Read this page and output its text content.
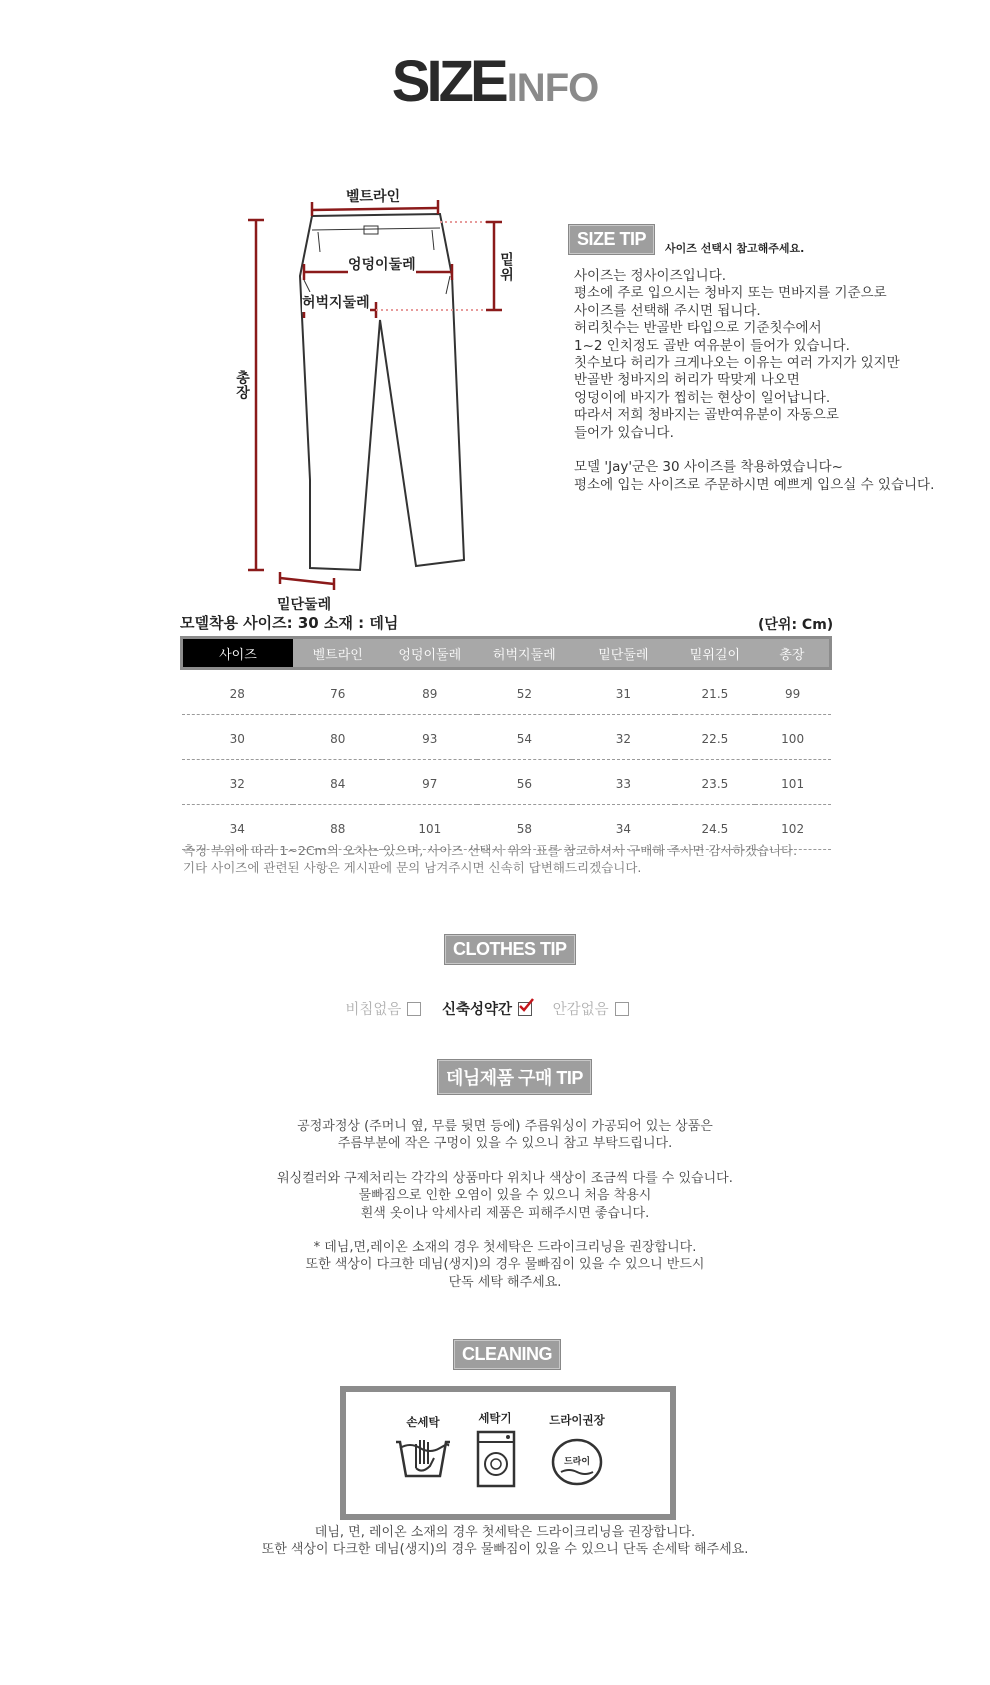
SIZEINFO
벨트라인
엉덩이둘레
허벅지둘레
밑위
총장
밑단둘레
SIZE TIP	사이즈 선택시 참고해주세요.

사이즈는 정사이즈입니다.

평소에 주로 입으시는 청바지 또는 면바지를 기준으로

사이즈를 선택해 주시면 됩니다.

허리칫수는 반골반 타입으로 기준칫수에서

1~2 인치정도 골반 여유분이 들어가 있습니다.

칫수보다 허리가 크게나오는 이유는 여러 가지가 있지만

반골반 청바지의 허리가 딱맞게 나오면

엉덩이에 바지가 찝히는 현상이 일어납니다.

따라서 저희 청바지는 골반여유분이 자동으로

들어가 있습니다.

모델 'Jay'군은 30 사이즈를 착용하였습니다~

평소에 입는 사이즈로 주문하시면 예쁘게 입으실 수 있습니다.

모델착용 사이즈: 30 소재 : 데님	(단위: Cm)
사이즈	벨트라인	엉덩이둘레	허벅지둘레	밑단둘레	밑위길이	총장
28	76	89	52	31	21.5	99
30	80	93	54	32	22.5	100
32	84	97	56	33	23.5	101
34	88	101	58	34	24.5	102

측정 부위에 따라 1~2Cm의 오차는 있으며, 사이즈 선택시 위의 표를 참고하셔서 구매해 주시면 감사하겠습니다.

기타 사이즈에 관련된 사항은 게시판에 문의 남겨주시면 신속히 답변해드리겠습니다.

CLOTHES TIP
비침없음	신축성약간	안감없음
데님제품 구매 TIP

공정과정상 (주머니 옆, 무릎 뒷면 등에) 주름워싱이 가공되어 있는 상품은

주름부분에 작은 구멍이 있을 수 있으니 참고 부탁드립니다.

워싱컬러와 구제처리는 각각의 상품마다 위치나 색상이 조금씩 다를 수 있습니다.

물빠짐으로 인한 오염이 있을 수 있으니 처음 착용시

흰색 옷이나 악세사리 제품은 피해주시면 좋습니다.

* 데님,면,레이온 소재의 경우 첫세탁은 드라이크리닝을 권장합니다.

또한 색상이 다크한 데님(생지)의 경우 물빠짐이 있을 수 있으니 반드시

단독 세탁 해주세요.

CLEANING
손세탁	세탁기	드라이권장
드라이

데님, 면, 레이온 소재의 경우 첫세탁은 드라이크리닝을 권장합니다.

또한 색상이 다크한 데님(생지)의 경우 물빠짐이 있을 수 있으니 단독 손세탁 해주세요.
